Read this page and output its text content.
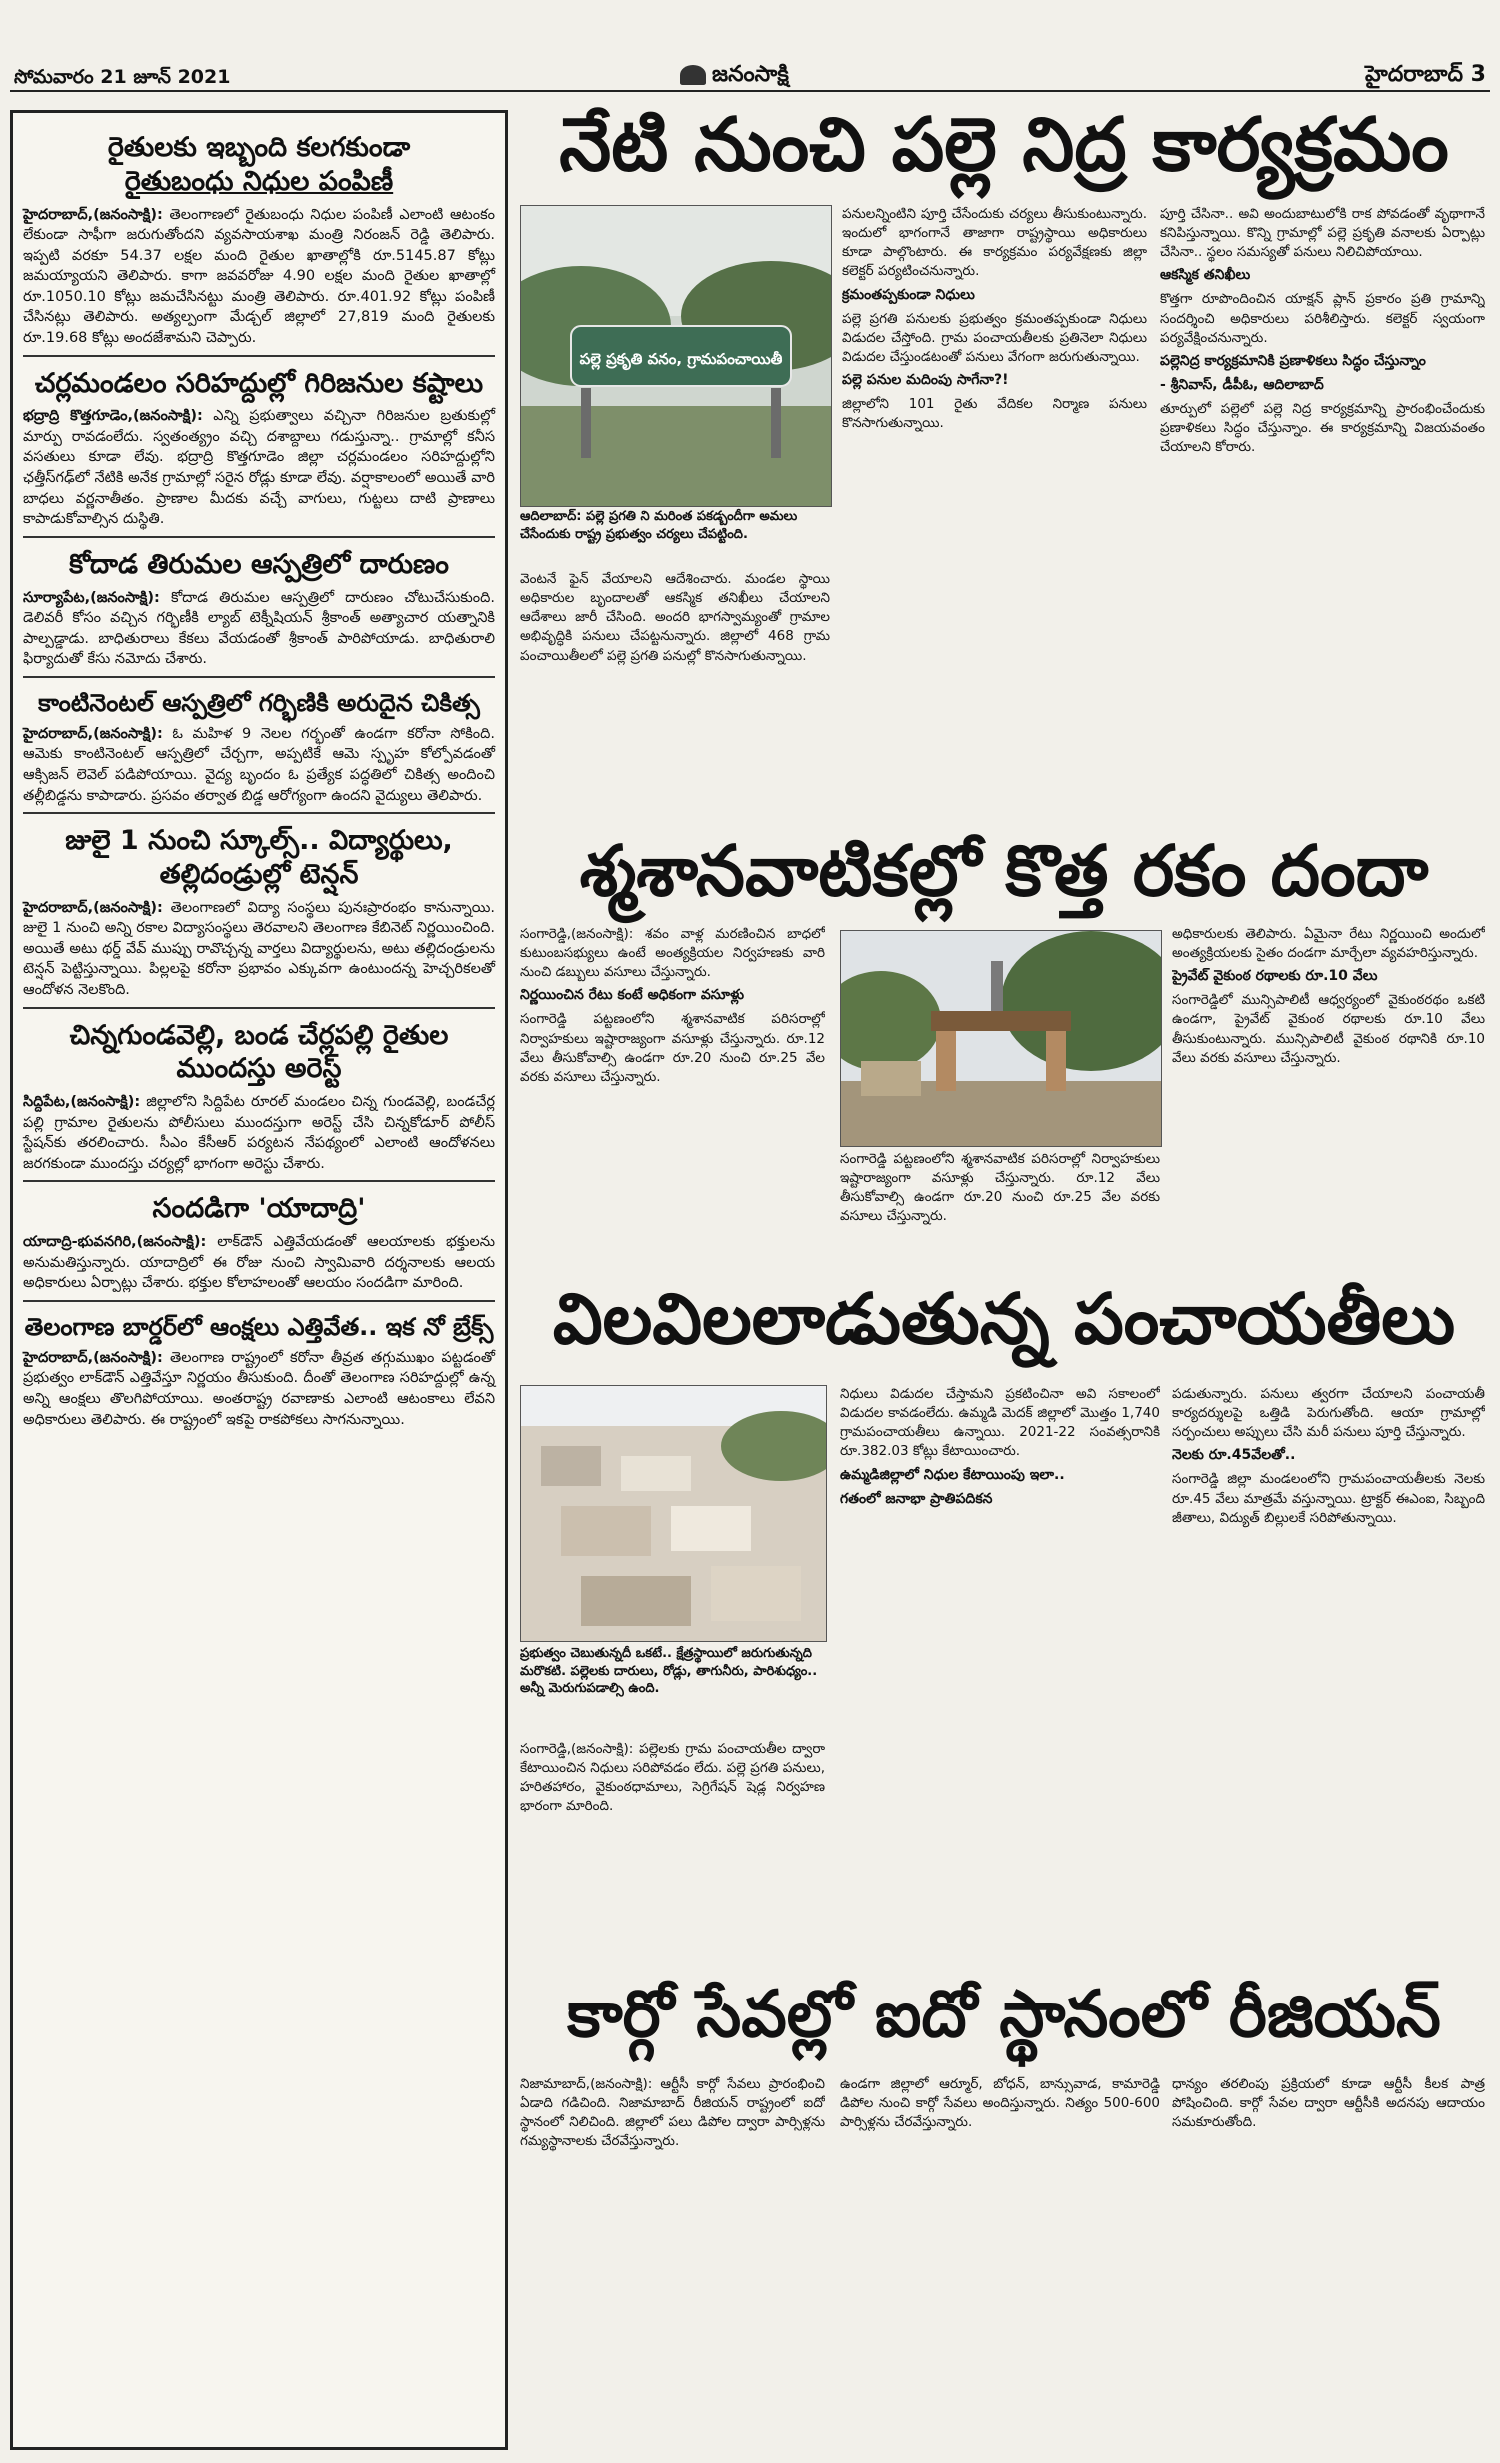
సోమవారం 21 జూన్ 2021	జనంసాక్షి	హైదరాబాద్ 3
రైతులకు ఇబ్బంది కలగకుండా
రైతుబంధు నిధుల పంపిణీ

హైదరాబాద్‌,(జనంసాక్షి): తెలంగాణలో రైతుబంధు నిధుల పంపిణీ ఎలాంటి ఆటంకం లేకుండా సాఫీగా జరుగుతోందని వ్యవసాయశాఖ మంత్రి నిరంజన్‌ రెడ్డి తెలిపారు. ఇప్పటి వరకూ 54.37 లక్షల మంది రైతుల ఖాతాల్లోకి రూ.5145.87 కోట్లు జమయ్యాయని తెలిపారు. కాగా జవవరోజు 4.90 లక్షల మంది రైతుల ఖాతాల్లో రూ.1050.10 కోట్లు జమచేసినట్టు మంత్రి తెలిపారు. రూ.401.92 కోట్లు పంపిణీ చేసినట్లు తెలిపారు. అత్యల్పంగా మేడ్చల్‌ జిల్లాలో 27,819 మంది రైతులకు రూ.19.68 కోట్లు అందజేశామని చెప్పారు.

చర్లమండలం సరిహద్దుల్లో గిరిజనుల కష్టాలు

భద్రాద్రి కొత్తగూడెం,(జనంసాక్షి): ఎన్ని ప్రభుత్వాలు వచ్చినా గిరిజనుల బ్రతుకుల్లో మార్పు రావడంలేదు. స్వతంత్య్రం వచ్చి దశాబ్దాలు గడుస్తున్నా.. గ్రామాల్లో కనీస వసతులు కూడా లేవు. భద్రాద్రి కొత్తగూడెం జిల్లా చర్లమండలం సరిహద్దుల్లోని ఛత్తీస్‌గఢ్‌లో నేటికి అనేక గ్రామాల్లో సరైన రోడ్లు కూడా లేవు. వర్షాకాలంలో అయితే వారి బాధలు వర్ణనాతీతం. ప్రాణాల మీదకు వచ్చే వాగులు, గుట్టలు దాటి ప్రాణాలు కాపాడుకోవాల్సిన దుస్థితి.

కోదాడ తిరుమల ఆస్పత్రిలో దారుణం

సూర్యాపేట,(జనంసాక్షి): కోదాడ తిరుమల ఆస్పత్రిలో దారుణం చోటుచేసుకుంది. డెలివరీ కోసం వచ్చిన గర్భిణీకి ల్యాబ్‌ టెక్నీషియన్‌ శ్రీకాంత్‌ అత్యాచార యత్నానికి పాల్పడ్డాడు. బాధితురాలు కేకలు వేయడంతో శ్రీకాంత్‌ పారిపోయాడు. బాధితురాలి ఫిర్యాదుతో కేసు నమోదు చేశారు.

కాంటినెంటల్‌ ఆస్పత్రిలో గర్భిణికి అరుదైన చికిత్స

హైదరాబాద్‌,(జనంసాక్షి): ఓ మహిళ 9 నెలల గర్భంతో ఉండగా కరోనా సోకింది. ఆమెకు కాంటినెంటల్‌ ఆస్పత్రిలో చేర్చగా, అప్పటికే ఆమె స్పృహ కోల్పోవడంతో ఆక్సిజన్‌ లెవెల్‌ పడిపోయాయి. వైద్య బృందం ఓ ప్రత్యేక పద్ధతిలో చికిత్స అందించి తల్లీబిడ్డను కాపాడారు. ప్రసవం తర్వాత బిడ్డ ఆరోగ్యంగా ఉందని వైద్యులు తెలిపారు.

జులై 1 నుంచి స్కూల్స్‌.. విద్యార్థులు,
తల్లిదండ్రుల్లో టెన్షన్‌

హైదరాబాద్‌,(జనంసాక్షి): తెలంగాణలో విద్యా సంస్థలు పునఃప్రారంభం కానున్నాయి. జులై 1 నుంచి అన్ని రకాల విద్యాసంస్థలు తెరవాలని తెలంగాణ కేబినెట్‌ నిర్ణయించింది. అయితే అటు థర్డ్‌ వేవ్‌ ముప్పు రావొచ్చన్న వార్తలు విద్యార్థులను, అటు తల్లిదండ్రులను టెన్షన్‌ పెట్టిస్తున్నాయి. పిల్లలపై కరోనా ప్రభావం ఎక్కువగా ఉంటుందన్న హెచ్చరికలతో ఆందోళన నెలకొంది.

చిన్నగుండవెల్లి, బండ చేర్లపల్లి రైతుల
ముందస్తు అరెస్ట్‌

సిద్దిపేట,(జనంసాక్షి): జిల్లాలోని సిద్దిపేట రూరల్‌ మండలం చిన్న గుండవెల్లి, బండచేర్ల పల్లి గ్రామాల రైతులను పోలీసులు ముందస్తుగా అరెస్ట్‌ చేసి చిన్నకోడూర్‌ పోలీస్‌ స్టేషన్‌కు తరలించారు. సీఎం కేసీఆర్‌ పర్యటన నేపథ్యంలో ఎలాంటి ఆందోళనలు జరగకుండా ముందస్తు చర్యల్లో భాగంగా అరెస్టు చేశారు.

సందడిగా 'యాదాద్రి'

యాదాద్రి-భువనగిరి,(జనంసాక్షి): లాక్‌డౌన్‌ ఎత్తివేయడంతో ఆలయాలకు భక్తులను అనుమతిస్తున్నారు. యాదాద్రిలో ఈ రోజు నుంచి స్వామివారి దర్శనాలకు ఆలయ అధికారులు ఏర్పాట్లు చేశారు. భక్తుల కోలాహలంతో ఆలయం సందడిగా మారింది.

తెలంగాణ బార్డర్‌లో ఆంక్షలు ఎత్తివేత.. ఇక నో బ్రేక్స్‌

హైదరాబాద్‌,(జనంసాక్షి): తెలంగాణ రాష్ట్రంలో కరోనా తీవ్రత తగ్గుముఖం పట్టడంతో ప్రభుత్వం లాక్‌డౌన్‌ ఎత్తివేస్తూ నిర్ణయం తీసుకుంది. దీంతో తెలంగాణ సరిహద్దుల్లో ఉన్న అన్ని ఆంక్షలు తొలగిపోయాయి. అంతరాష్ట్ర రవాణాకు ఎలాంటి ఆటంకాలు లేవని అధికారులు తెలిపారు. ఈ రాష్ట్రంలో ఇకపై రాకపోకలు సాగనున్నాయి.

నేటి నుంచి పల్లె నిద్ర కార్యక్రమం
పల్లె ప్రకృతి వనం, గ్రామపంచాయితీ
ఆదిలాబాద్‌: పల్లె ప్రగతి ని మరింత పకడ్బందీగా అమలు చేసేందుకు రాష్ట్ర ప్రభుత్వం చర్యలు చేపట్టింది.
వెంటనే ఫైన్‌ వేయాలని ఆదేశించారు. మండల స్థాయి అధికారుల బృందాలతో ఆకస్మిక తనిఖీలు చేయాలని ఆదేశాలు జారీ చేసింది. అందరి భాగస్వామ్యంతో గ్రామాల అభివృద్ధికి పనులు చేపట్టనున్నారు. జిల్లాలో 468 గ్రామ పంచాయితీలలో పల్లె ప్రగతి పనుల్లో కొనసాగుతున్నాయి.
పనులన్నింటిని పూర్తి చేసేందుకు చర్యలు తీసుకుంటున్నారు. ఇందులో భాగంగానే తాజాగా రాష్ట్రస్థాయి అధికారులు కూడా పాల్గొంటారు. ఈ కార్యక్రమం పర్యవేక్షణకు జిల్లా కలెక్టర్‌ పర్యటించనున్నారు.
క్రమంతప్పకుండా నిధులు
పల్లె ప్రగతి పనులకు ప్రభుత్వం క్రమంతప్పకుండా నిధులు విడుదల చేస్తోంది. గ్రామ పంచాయతీలకు ప్రతినెలా నిధులు విడుదల చేస్తుండటంతో పనులు వేగంగా జరుగుతున్నాయి.
పల్లె పనుల మదింపు సాగేనా?!
జిల్లాలోని 101 రైతు వేదికల నిర్మాణ పనులు కొనసాగుతున్నాయి.
పూర్తి చేసినా.. అవి అందుబాటులోకి రాక పోవడంతో వృథాగానే కనిపిస్తున్నాయి. కొన్ని గ్రామాల్లో పల్లె ప్రకృతి వనాలకు ఏర్పాట్లు చేసినా.. స్థలం సమస్యతో పనులు నిలిచిపోయాయి.
ఆకస్మిక తనిఖీలు
కొత్తగా రూపొందించిన యాక్షన్‌ ప్లాన్‌ ప్రకారం ప్రతి గ్రామాన్ని సందర్శించి అధికారులు పరిశీలిస్తారు. కలెక్టర్‌ స్వయంగా పర్యవేక్షించనున్నారు.
పల్లెనిద్ర కార్యక్రమానికి ప్రణాళికలు సిద్ధం చేస్తున్నాం
- శ్రీనివాస్‌, డీపీఓ, ఆదిలాబాద్‌
తూర్పులో పల్లెలో పల్లె నిద్ర కార్యక్రమాన్ని ప్రారంభించేందుకు ప్రణాళికలు సిద్ధం చేస్తున్నాం. ఈ కార్యక్రమాన్ని విజయవంతం చేయాలని కోరారు.
శ్మశానవాటికల్లో కొత్త రకం దందా
సంగారెడ్డి,(జనంసాక్షి): శవం వాళ్ల మరణించిన బాధలో కుటుంబసభ్యులు ఉంటే అంత్యక్రియల నిర్వహణకు వారి నుంచి డబ్బులు వసూలు చేస్తున్నారు.
నిర్ణయించిన రేటు కంటే అధికంగా వసూళ్లు
సంగారెడ్డి పట్టణంలోని శ్మశానవాటిక పరిసరాల్లో నిర్వాహకులు ఇష్టారాజ్యంగా వసూళ్లు చేస్తున్నారు. రూ.12 వేలు తీసుకోవాల్సి ఉండగా రూ.20 నుంచి రూ.25 వేల వరకు వసూలు చేస్తున్నారు.
సంగారెడ్డి పట్టణంలోని శ్మశానవాటిక పరిసరాల్లో నిర్వాహకులు ఇష్టారాజ్యంగా వసూళ్లు చేస్తున్నారు. రూ.12 వేలు తీసుకోవాల్సి ఉండగా రూ.20 నుంచి రూ.25 వేల వరకు వసూలు చేస్తున్నారు.
అధికారులకు తెలిపారు. ఏమైనా రేటు నిర్ణయించి అందులో అంత్యక్రియలకు సైతం దండగా మార్చేలా వ్యవహరిస్తున్నారు.
ప్రైవేట్‌ వైకుంఠ రథాలకు రూ.10 వేలు
సంగారెడ్డిలో మున్సిపాలిటీ ఆధ్వర్యంలో వైకుంఠరథం ఒకటి ఉండగా, ప్రైవేట్‌ వైకుంఠ రథాలకు రూ.10 వేలు తీసుకుంటున్నారు. మున్సిపాలిటీ వైకుంఠ రథానికి రూ.10 వేలు వరకు వసూలు చేస్తున్నారు.
విలవిలలాడుతున్న పంచాయతీలు
ప్రభుత్వం చెబుతున్నదీ ఒకటే.. క్షేత్రస్థాయిలో జరుగుతున్నది మరొకటి. పల్లెలకు దారులు, రోడ్లు, తాగునీరు, పారిశుధ్యం.. అన్నీ మెరుగుపడాల్సి ఉంది.
సంగారెడ్డి,(జనంసాక్షి): పల్లెలకు గ్రామ పంచాయతీల ద్వారా కేటాయించిన నిధులు సరిపోవడం లేదు. పల్లె ప్రగతి పనులు, హరితహారం, వైకుంఠధామాలు, సెగ్రిగేషన్‌ షెడ్ల నిర్వహణ భారంగా మారింది.
నిధులు విడుదల చేస్తామని ప్రకటించినా అవి సకాలంలో విడుదల కావడంలేదు. ఉమ్మడి మెదక్‌ జిల్లాలో మొత్తం 1,740 గ్రామపంచాయతీలు ఉన్నాయి. 2021-22 సంవత్సరానికి రూ.382.03 కోట్లు కేటాయించారు.
ఉమ్మడిజిల్లాలో నిధుల కేటాయింపు ఇలా..
గతంలో జనాభా ప్రాతిపదికన
పడుతున్నారు. పనులు త్వరగా చేయాలని పంచాయతీ కార్యదర్శులపై ఒత్తిడి పెరుగుతోంది. ఆయా గ్రామాల్లో సర్పంచులు అప్పులు చేసి మరీ పనులు పూర్తి చేస్తున్నారు.
నెలకు రూ.45వేలతో..
సంగారెడ్డి జిల్లా మండలంలోని గ్రామపంచాయతీలకు నెలకు రూ.45 వేలు మాత్రమే వస్తున్నాయి. ట్రాక్టర్‌ ఈఎంఐ, సిబ్బంది జీతాలు, విద్యుత్‌ బిల్లులకే సరిపోతున్నాయి.
కార్గో సేవల్లో ఐదో స్థానంలో రీజియన్‌
నిజామాబాద్‌,(జనంసాక్షి): ఆర్టీసీ కార్గో సేవలు ప్రారంభించి ఏడాది గడిచింది. నిజామాబాద్‌ రీజియన్‌ రాష్ట్రంలో ఐదో స్థానంలో నిలిచింది. జిల్లాలో పలు డిపోల ద్వారా పార్సిళ్లను గమ్యస్థానాలకు చేరవేస్తున్నారు.
ఉండగా జిల్లాలో ఆర్మూర్‌, బోధన్‌, బాన్సువాడ, కామారెడ్డి డిపోల నుంచి కార్గో సేవలు అందిస్తున్నారు. నిత్యం 500-600 పార్సిళ్లను చేరవేస్తున్నారు.
ధాన్యం తరలింపు ప్రక్రియలో కూడా ఆర్టీసీ కీలక పాత్ర పోషించింది. కార్గో సేవల ద్వారా ఆర్టీసీకి అదనపు ఆదాయం సమకూరుతోంది.
